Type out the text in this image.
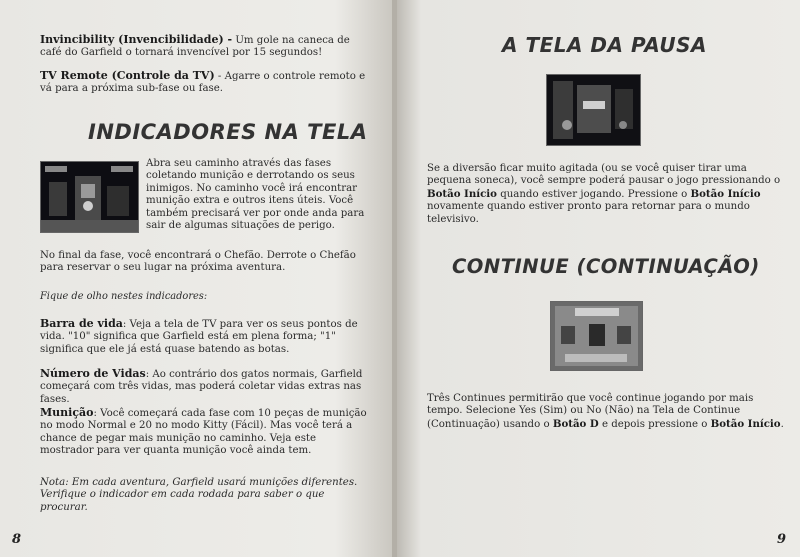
Invincibility (Invencibilidade) - Um gole na caneca de café do Garfield o tornará invencível por 15 segundos!

TV Remote (Controle da TV) - Agarre o controle remoto e vá para a próxima sub-fase ou fase.

INDICADORES NA TELA

Abra seu caminho através das fases coletando munição e derrotando os seus inimigos. No caminho você irá encontrar munição extra e outros itens úteis. Você também precisará ver por onde anda para sair de algumas situações de perigo.

No final da fase, você encontrará o Chefão. Derrote o Chefão para reservar o seu lugar na próxima aventura.

Fique de olho nestes indicadores:

Barra de vida: Veja a tela de TV para ver os seus pontos de vida. "10" significa que Garfield está em plena forma; "1" significa que ele já está quase batendo as botas.

Número de Vidas: Ao contrário dos gatos normais, Garfield começará com três vidas, mas poderá coletar vidas extras nas fases.

Munição: Você começará cada fase com 10 peças de munição no modo Normal e 20 no modo Kitty (Fácil). Mas você terá a chance de pegar mais munição no caminho. Veja este mostrador para ver quanta munição você ainda tem.

Nota: Em cada aventura, Garfield usará munições diferentes. Verifique o indicador em cada rodada para saber o que procurar.

8
A TELA DA PAUSA

Se a diversão ficar muito agitada (ou se você quiser tirar uma pequena soneca), você sempre poderá pausar o jogo pressionando o Botão Início quando estiver jogando. Pressione o Botão Início novamente quando estiver pronto para retornar para o mundo televisivo.

CONTINUE (CONTINUAÇÃO)

Três Continues permitirão que você continue jogando por mais tempo. Selecione Yes (Sim) ou No (Não) na Tela de Continue (Continuação) usando o Botão D e depois pressione o Botão Início.

9
